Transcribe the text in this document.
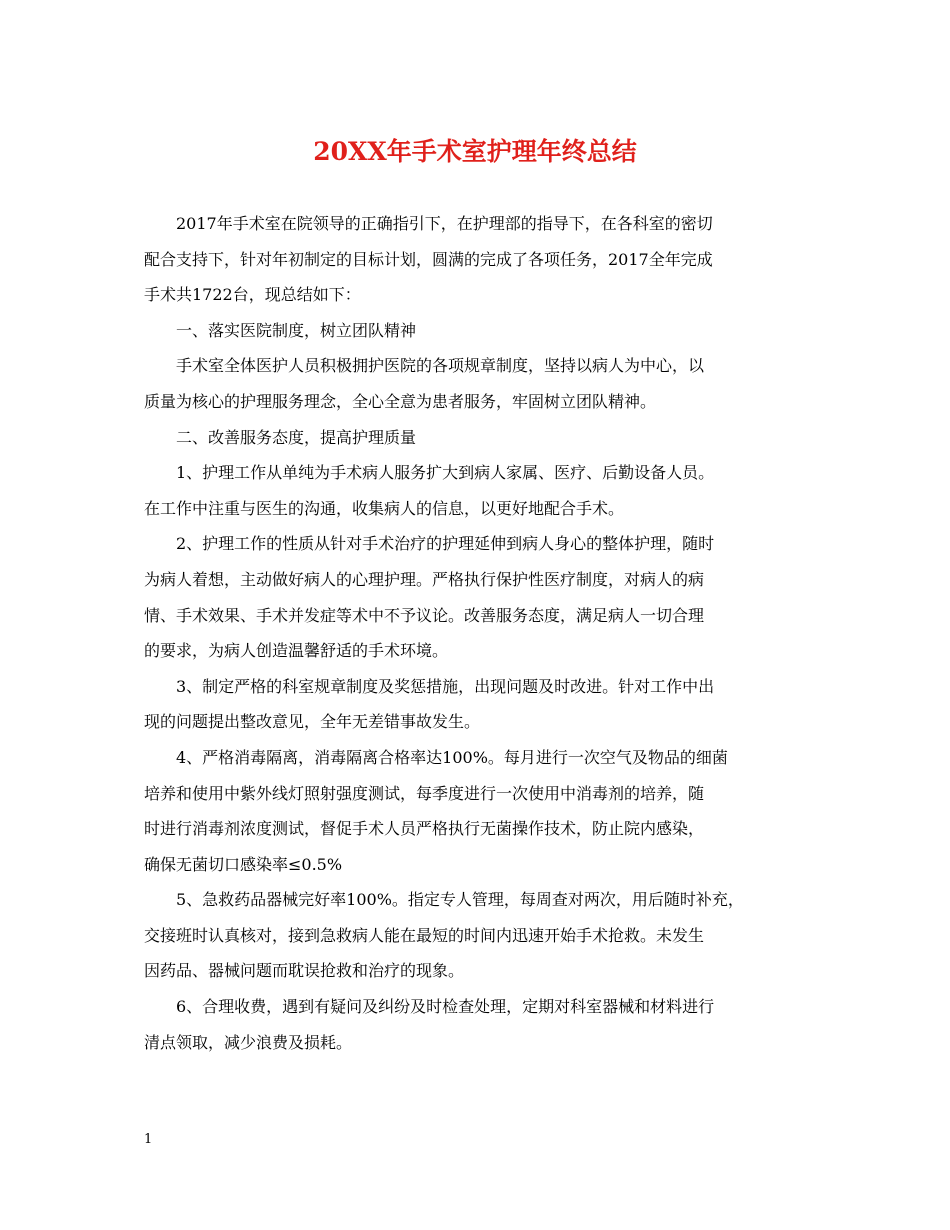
20XX年手术室护理年终总结
2017年手术室在院领导的正确指引下，在护理部的指导下，在各科室的密切
配合支持下，针对年初制定的目标计划，圆满的完成了各项任务，2017全年完成
手术共1722台，现总结如下：
一、落实医院制度，树立团队精神
手术室全体医护人员积极拥护医院的各项规章制度，坚持以病人为中心，以
质量为核心的护理服务理念，全心全意为患者服务，牢固树立团队精神。
二、改善服务态度，提高护理质量
1、护理工作从单纯为手术病人服务扩大到病人家属、医疗、后勤设备人员。
在工作中注重与医生的沟通，收集病人的信息，以更好地配合手术。
2、护理工作的性质从针对手术治疗的护理延伸到病人身心的整体护理，随时
为病人着想，主动做好病人的心理护理。严格执行保护性医疗制度，对病人的病
情、手术效果、手术并发症等术中不予议论。改善服务态度，满足病人一切合理
的要求，为病人创造温馨舒适的手术环境。
3、制定严格的科室规章制度及奖惩措施，出现问题及时改进。针对工作中出
现的问题提出整改意见，全年无差错事故发生。
4、严格消毒隔离，消毒隔离合格率达100%。每月进行一次空气及物品的细菌
培养和使用中紫外线灯照射强度测试，每季度进行一次使用中消毒剂的培养，随
时进行消毒剂浓度测试，督促手术人员严格执行无菌操作技术，防止院内感染，
确保无菌切口感染率≤0.5%
5、急救药品器械完好率100%。指定专人管理，每周查对两次，用后随时补充，
交接班时认真核对，接到急救病人能在最短的时间内迅速开始手术抢救。未发生
因药品、器械问题而耽误抢救和治疗的现象。
6、合理收费，遇到有疑问及纠纷及时检查处理，定期对科室器械和材料进行
清点领取，减少浪费及损耗。
1
